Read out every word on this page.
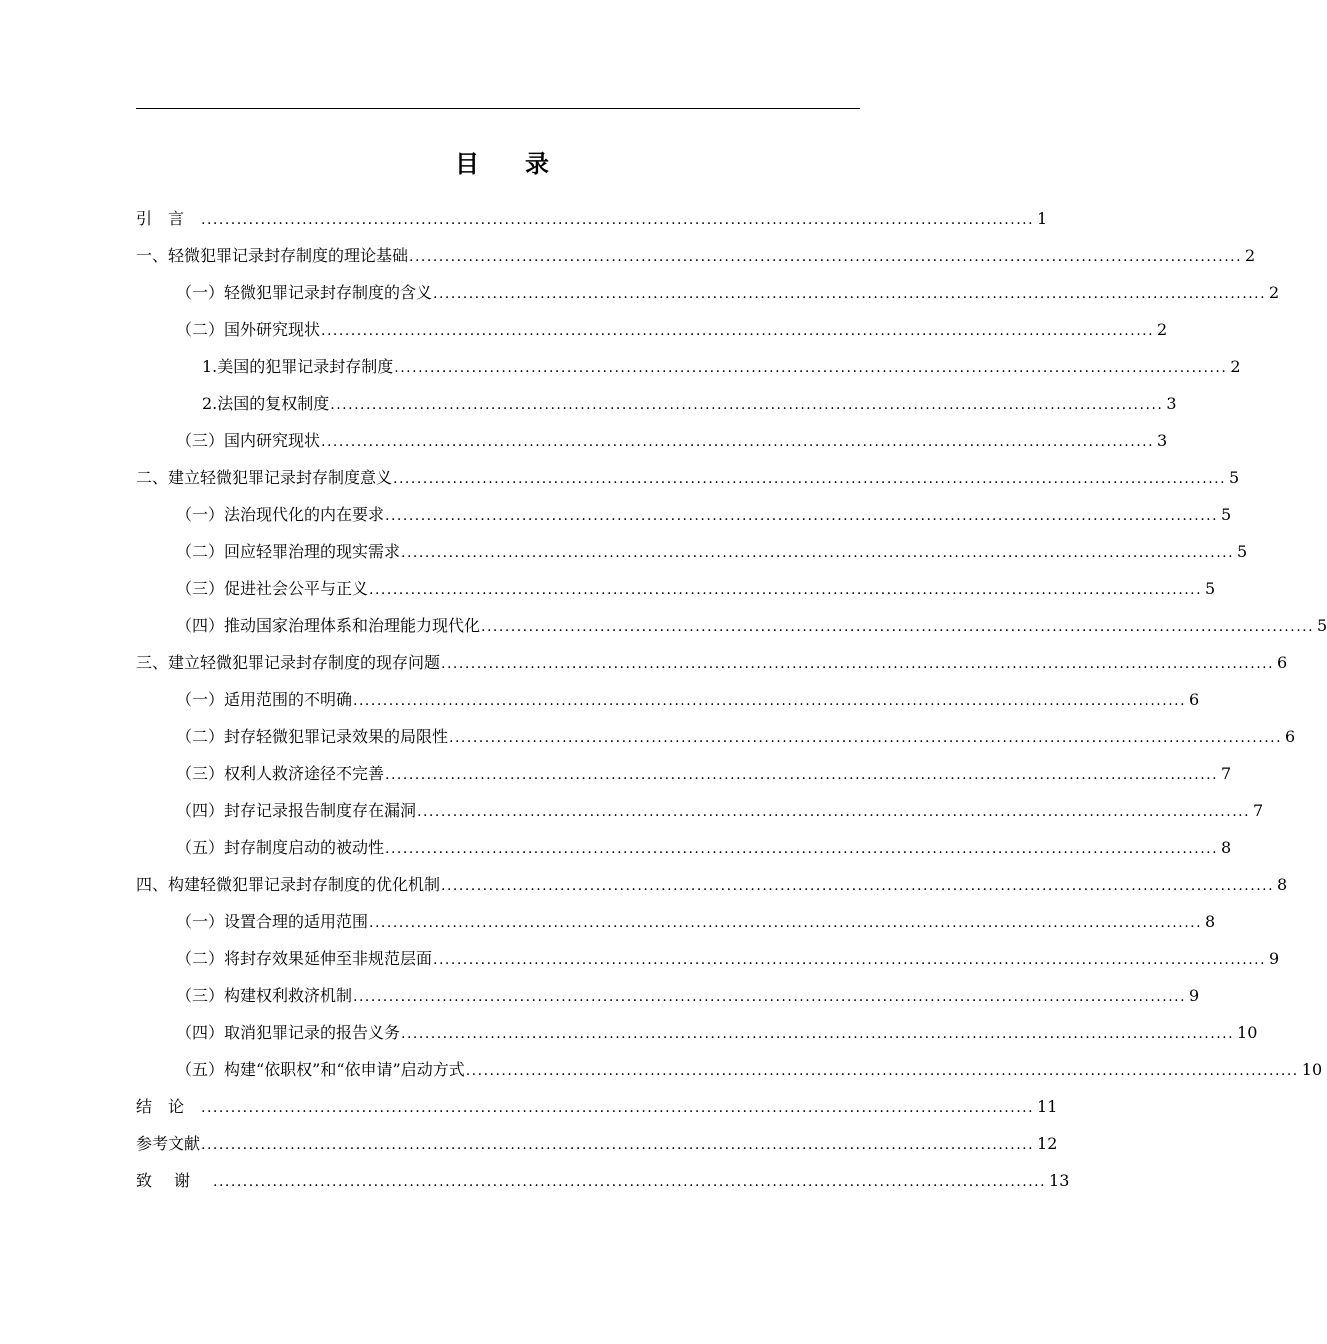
目录
引言 ............................................................................................................................................ 1
一、轻微犯罪记录封存制度的理论基础 ............................................................................................................................................ 2
（一）轻微犯罪记录封存制度的含义 ............................................................................................................................................ 2
（二）国外研究现状 ............................................................................................................................................ 2
1.美国的犯罪记录封存制度 ............................................................................................................................................ 2
2.法国的复权制度 ............................................................................................................................................ 3
（三）国内研究现状 ............................................................................................................................................ 3
二、建立轻微犯罪记录封存制度意义 ............................................................................................................................................ 5
（一）法治现代化的内在要求 ............................................................................................................................................ 5
（二）回应轻罪治理的现实需求 ............................................................................................................................................ 5
（三）促进社会公平与正义 ............................................................................................................................................ 5
（四）推动国家治理体系和治理能力现代化 ............................................................................................................................................ 5
三、建立轻微犯罪记录封存制度的现存问题 ............................................................................................................................................ 6
（一）适用范围的不明确 ............................................................................................................................................ 6
（二）封存轻微犯罪记录效果的局限性 ............................................................................................................................................ 6
（三）权利人救济途径不完善 ............................................................................................................................................ 7
（四）封存记录报告制度存在漏洞 ............................................................................................................................................ 7
（五）封存制度启动的被动性 ............................................................................................................................................ 8
四、构建轻微犯罪记录封存制度的优化机制 ............................................................................................................................................ 8
（一）设置合理的适用范围 ............................................................................................................................................ 8
（二）将封存效果延伸至非规范层面 ............................................................................................................................................ 9
（三）构建权利救济机制 ............................................................................................................................................ 9
（四）取消犯罪记录的报告义务 ............................................................................................................................................ 10
（五）构建“依职权”和“依申请”启动方式 ............................................................................................................................................ 10
结论 ............................................................................................................................................ 11
参考文献 ............................................................................................................................................ 12
致谢 ............................................................................................................................................ 13
